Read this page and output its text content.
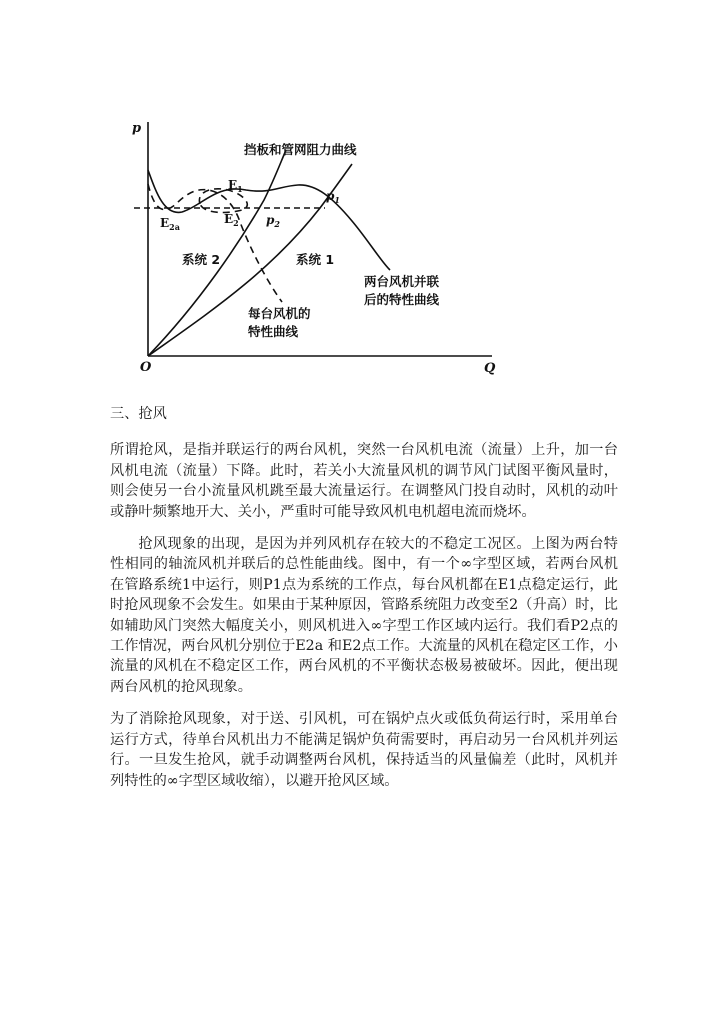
p
Q
O
挡板和管网阻力曲线
$E_1$
$E_2$
$E_{2a}$
$p_1$
$p_2$
系统 2	系统 1
两台风机并联
后的特性曲线
每台风机的
特性曲线
三、抢风

所谓抢风，是指并联运行的两台风机，突然一台风机电流（流量）上升，加一台风机电流（流量）下降。此时，若关小大流量风机的调节风门试图平衡风量时，则会使另一台小流量风机跳至最大流量运行。在调整风门投自动时，风机的动叶或静叶频繁地开大、关小，严重时可能导致风机电机超电流而烧坏。

抢风现象的出现，是因为并列风机存在较大的不稳定工况区。上图为两台特性相同的轴流风机并联后的总性能曲线。图中，有一个∞字型区域，若两台风机在管路系统1中运行，则P1点为系统的工作点，每台风机都在E1点稳定运行，此时抢风现象不会发生。如果由于某种原因，管路系统阻力改变至2（升高）时，比如辅助风门突然大幅度关小，则风机进入∞字型工作区域内运行。我们看P2点的工作情况，两台风机分别位于E2a 和E2点工作。大流量的风机在稳定区工作，小流量的风机在不稳定区工作，两台风机的不平衡状态极易被破坏。因此，便出现两台风机的抢风现象。

为了消除抢风现象，对于送、引风机，可在锅炉点火或低负荷运行时，采用单台运行方式，待单台风机出力不能满足锅炉负荷需要时，再启动另一台风机并列运行。一旦发生抢风，就手动调整两台风机，保持适当的风量偏差（此时，风机并列特性的∞字型区域收缩），以避开抢风区域。
